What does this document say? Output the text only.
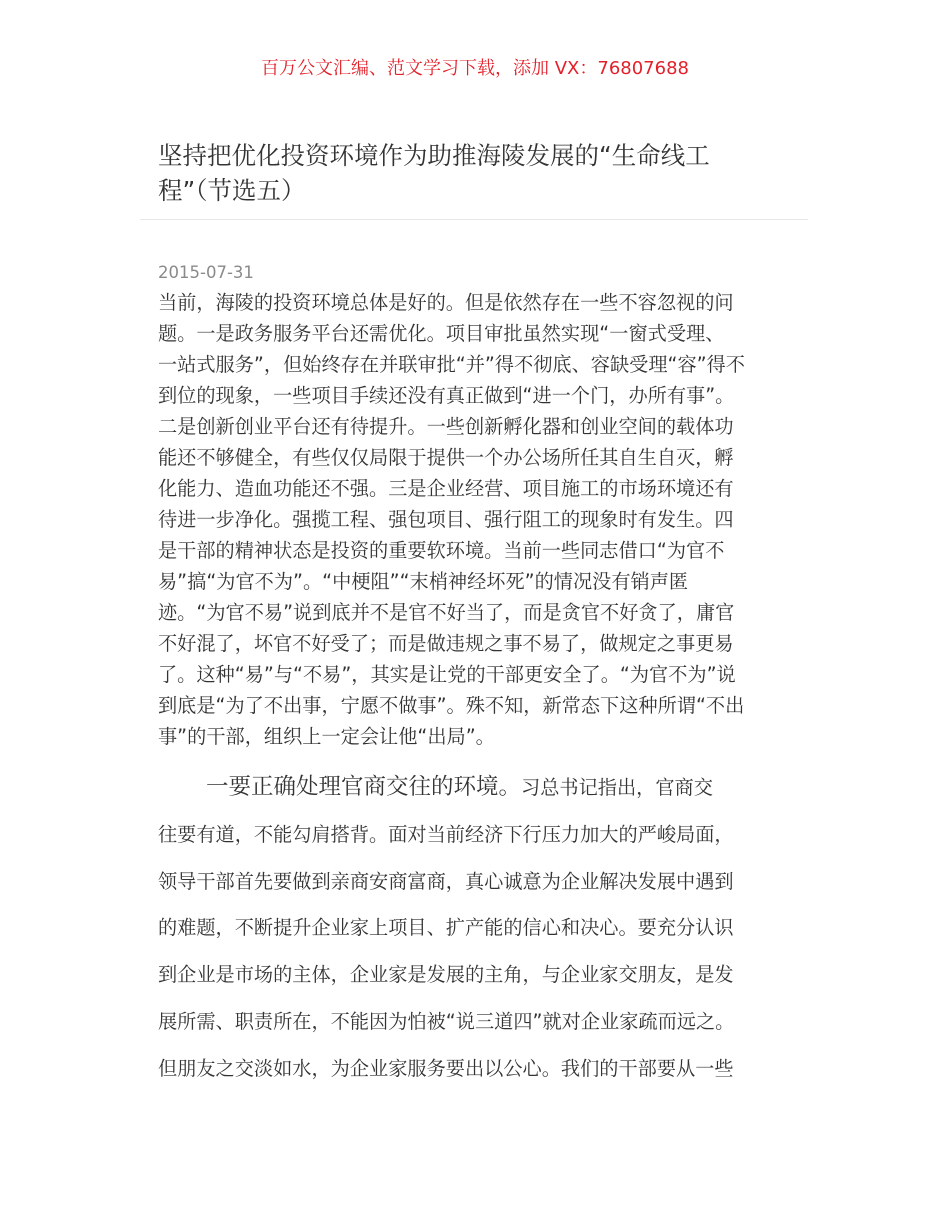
百万公文汇编、范文学习下载，添加 VX：76807688
坚持把优化投资环境作为助推海陵发展的“生命线工
程”（节选五）
2015-07-31

当前，海陵的投资环境总体是好的。但是依然存在一些不容忽视的问
题。一是政务服务平台还需优化。项目审批虽然实现“一窗式受理、
一站式服务”，但始终存在并联审批“并”得不彻底、容缺受理“容”得不
到位的现象，一些项目手续还没有真正做到“进一个门，办所有事”。
二是创新创业平台还有待提升。一些创新孵化器和创业空间的载体功
能还不够健全，有些仅仅局限于提供一个办公场所任其自生自灭，孵
化能力、造血功能还不强。三是企业经营、项目施工的市场环境还有
待进一步净化。强揽工程、强包项目、强行阻工的现象时有发生。四
是干部的精神状态是投资的重要软环境。当前一些同志借口“为官不
易”搞“为官不为”。“中梗阻”“末梢神经坏死”的情况没有销声匿
迹。“为官不易”说到底并不是官不好当了，而是贪官不好贪了，庸官
不好混了，坏官不好受了；而是做违规之事不易了，做规定之事更易
了。这种“易”与“不易”，其实是让党的干部更安全了。“为官不为”说
到底是“为了不出事，宁愿不做事”。殊不知，新常态下这种所谓“不出
事”的干部，组织上一定会让他“出局”。

一要正确处理官商交往的环境。习总书记指出，官商交
往要有道，不能勾肩搭背。面对当前经济下行压力加大的严峻局面，
领导干部首先要做到亲商安商富商，真心诚意为企业解决发展中遇到
的难题，不断提升企业家上项目、扩产能的信心和决心。要充分认识
到企业是市场的主体，企业家是发展的主角，与企业家交朋友，是发
展所需、职责所在，不能因为怕被“说三道四”就对企业家疏而远之。
但朋友之交淡如水，为企业家服务要出以公心。我们的干部要从一些
